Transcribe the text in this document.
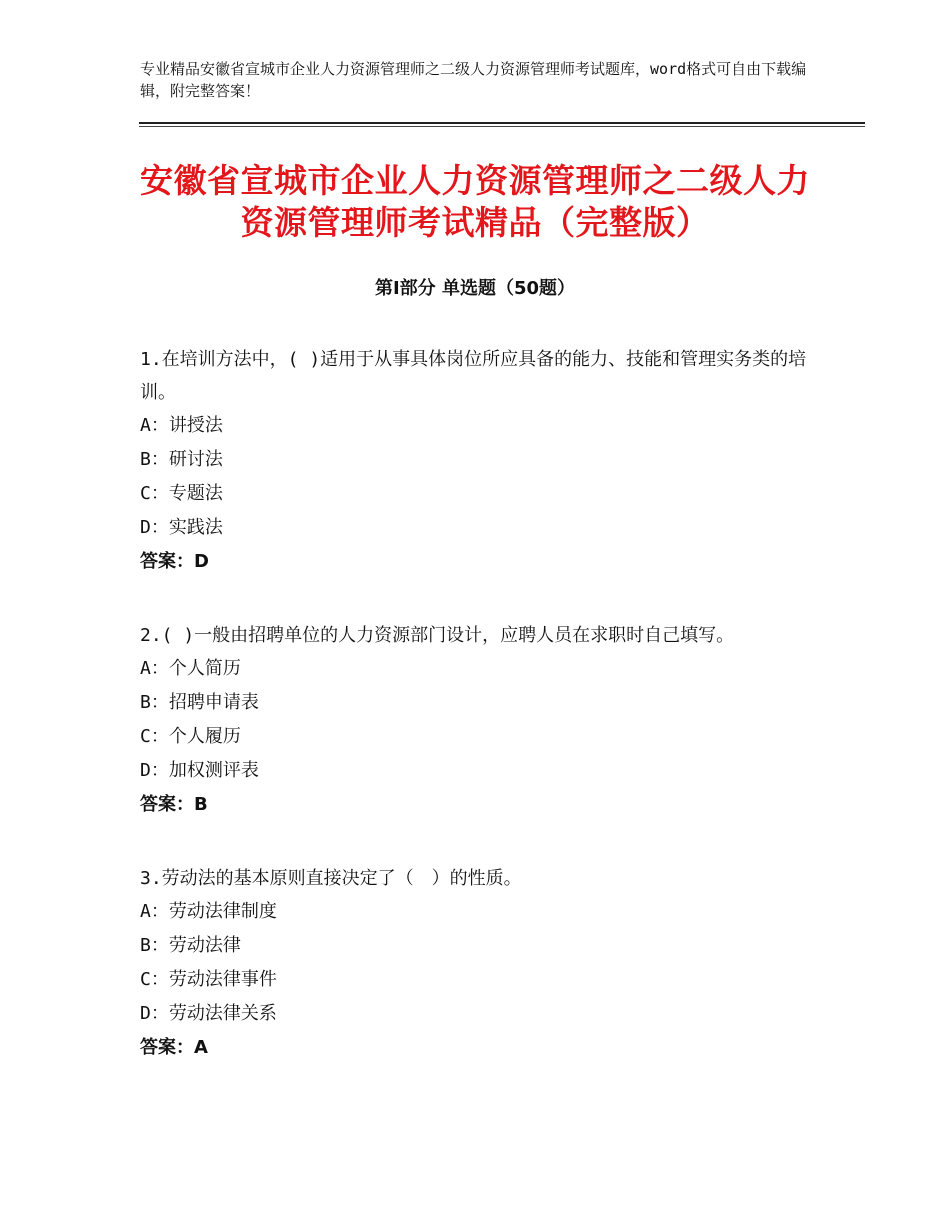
专业精品安徽省宣城市企业人力资源管理师之二级人力资源管理师考试题库，word格式可自由下载编辑，附完整答案！
安徽省宣城市企业人力资源管理师之二级人力资源管理师考试精品（完整版）
第Ⅰ部分 单选题（50题）

1.在培训方法中，( )适用于从事具体岗位所应具备的能力、技能和管理实务类的培训。

A：讲授法

B：研讨法

C：专题法

D：实践法

答案：D

2.( )一般由招聘单位的人力资源部门设计，应聘人员在求职时自己填写。

A：个人简历

B：招聘申请表

C：个人履历

D：加权测评表

答案：B

3.劳动法的基本原则直接决定了（　）的性质。

A：劳动法律制度

B：劳动法律

C：劳动法律事件

D：劳动法律关系

答案：A
